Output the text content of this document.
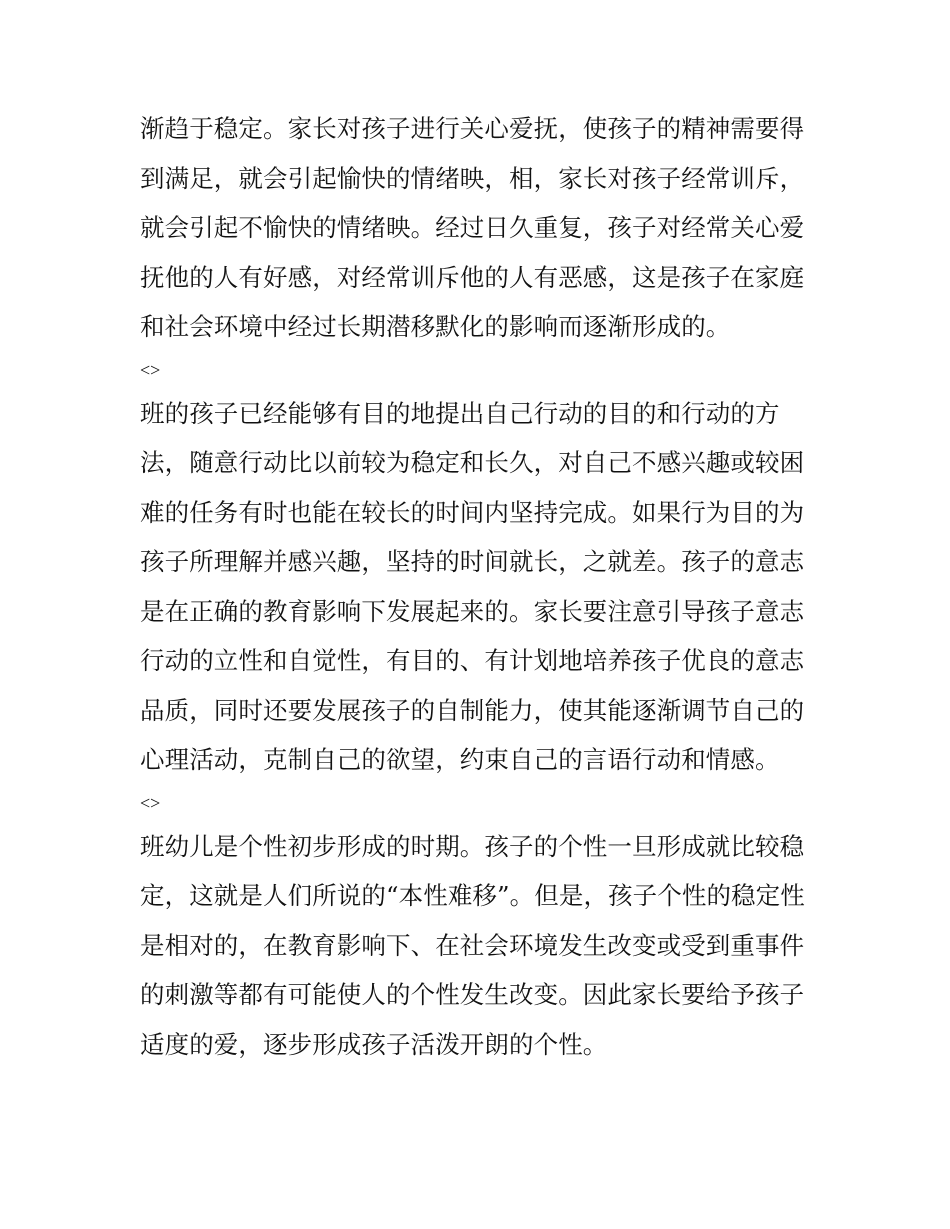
渐趋于稳定。家长对孩子进行关心爱抚，使孩子的精神需要得
到满足，就会引起愉快的情绪映，相，家长对孩子经常训斥，
就会引起不愉快的情绪映。经过日久重复，孩子对经常关心爱
抚他的人有好感，对经常训斥他的人有恶感，这是孩子在家庭
和社会环境中经过长期潜移默化的影响而逐渐形成的。
<>
班的孩子已经能够有目的地提出自己行动的目的和行动的方
法，随意行动比以前较为稳定和长久，对自己不感兴趣或较困
难的任务有时也能在较长的时间内坚持完成。如果行为目的为
孩子所理解并感兴趣，坚持的时间就长，之就差。孩子的意志
是在正确的教育影响下发展起来的。家长要注意引导孩子意志
行动的立性和自觉性，有目的、有计划地培养孩子优良的意志
品质，同时还要发展孩子的自制能力，使其能逐渐调节自己的
心理活动，克制自己的欲望，约束自己的言语行动和情感。
<>
班幼儿是个性初步形成的时期。孩子的个性一旦形成就比较稳
定，这就是人们所说的“本性难移”。但是，孩子个性的稳定性
是相对的，在教育影响下、在社会环境发生改变或受到重事件
的刺激等都有可能使人的个性发生改变。因此家长要给予孩子
适度的爱，逐步形成孩子活泼开朗的个性。
